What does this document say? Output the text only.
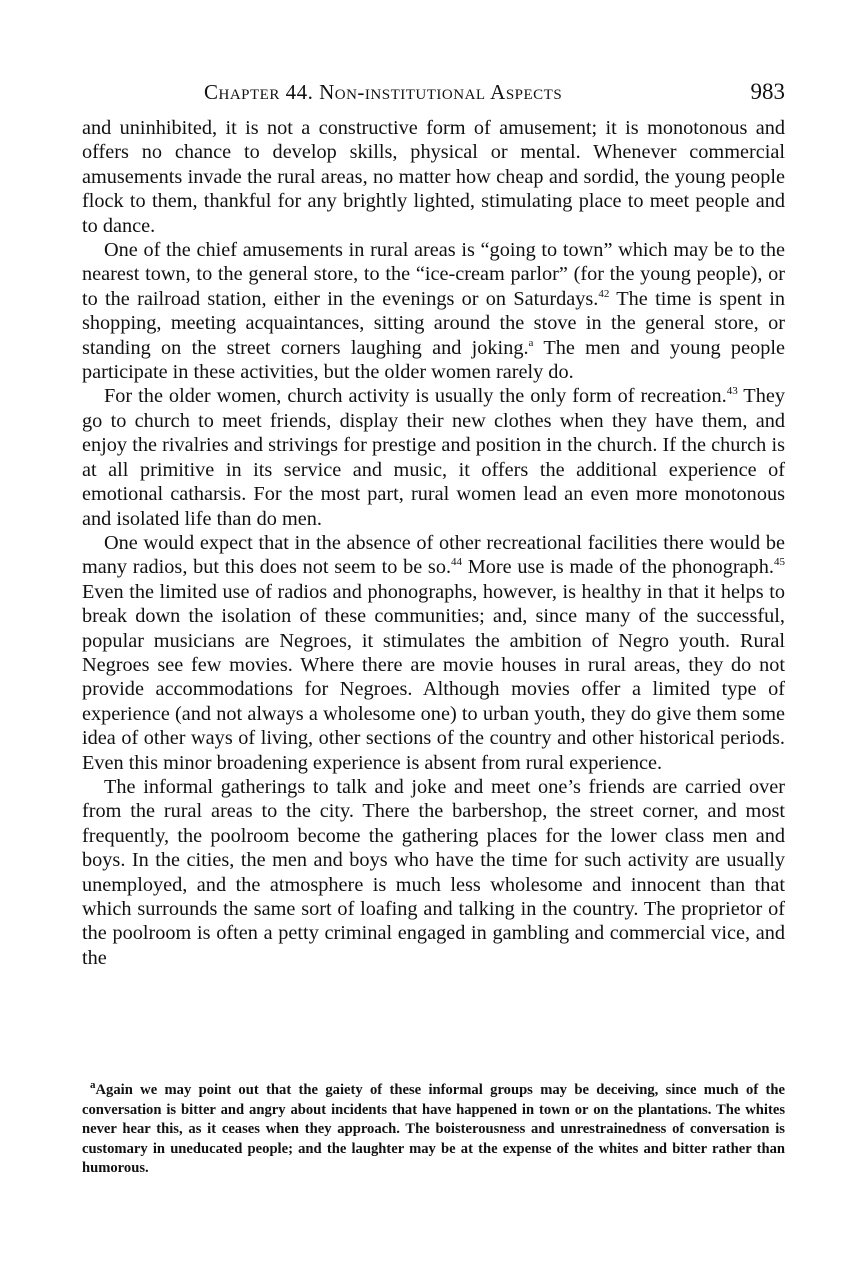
Chapter 44. Non-institutional Aspects	983

and uninhibited, it is not a constructive form of amusement; it is monotonous and offers no chance to develop skills, physical or mental. Whenever commercial amusements invade the rural areas, no matter how cheap and sordid, the young people flock to them, thankful for any brightly lighted, stimulating place to meet people and to dance.

One of the chief amusements in rural areas is “going to town” which may be to the nearest town, to the general store, to the “ice-cream parlor” (for the young people), or to the railroad station, either in the evenings or on Saturdays.$^{42}$ The time is spent in shopping, meeting acquaintances, sitting around the stove in the general store, or standing on the street corners laughing and joking.$^a$ The men and young people participate in these activities, but the older women rarely do.

For the older women, church activity is usually the only form of recreation.$^{43}$ They go to church to meet friends, display their new clothes when they have them, and enjoy the rivalries and strivings for prestige and position in the church. If the church is at all primitive in its service and music, it offers the additional experience of emotional catharsis. For the most part, rural women lead an even more monotonous and isolated life than do men.

One would expect that in the absence of other recreational facilities there would be many radios, but this does not seem to be so.$^{44}$ More use is made of the phonograph.$^{45}$ Even the limited use of radios and phonographs, however, is healthy in that it helps to break down the isolation of these communities; and, since many of the successful, popular musicians are Negroes, it stimulates the ambition of Negro youth. Rural Negroes see few movies. Where there are movie houses in rural areas, they do not provide accommodations for Negroes. Although movies offer a limited type of experience (and not always a wholesome one) to urban youth, they do give them some idea of other ways of living, other sections of the country and other historical periods. Even this minor broadening experience is absent from rural experience.

The informal gatherings to talk and joke and meet one’s friends are carried over from the rural areas to the city. There the barbershop, the street corner, and most frequently, the poolroom become the gathering places for the lower class men and boys. In the cities, the men and boys who have the time for such activity are usually unemployed, and the atmosphere is much less wholesome and innocent than that which surrounds the same sort of loafing and talking in the country. The proprietor of the poolroom is often a petty criminal engaged in gambling and commercial vice, and the

$^a$Again we may point out that the gaiety of these informal groups may be deceiving, since much of the conversation is bitter and angry about incidents that have happened in town or on the plantations. The whites never hear this, as it ceases when they approach. The boisterousness and unrestrainedness of conversation is customary in uneducated people; and the laughter may be at the expense of the whites and bitter rather than humorous.
